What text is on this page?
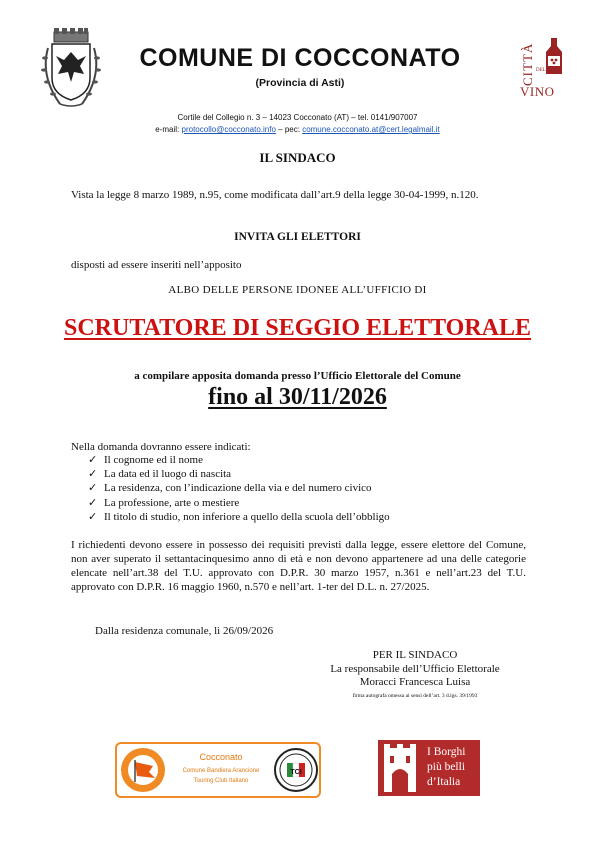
COMUNE DI COCCONATO
(Provincia di Asti)	CITTÀ DEL
VINO
Cortile del Collegio n. 3 – 14023 Cocconato (AT) – tel. 0141/907007
e-mail: protocollo@cocconato.info – pec: comune.cocconato.at@cert.legalmail.it
IL SINDACO
Vista la legge 8 marzo 1989, n.95, come modificata dall’art.9 della legge 30-04-1999, n.120.
INVITA GLI ELETTORI
disposti ad essere inseriti nell’apposito
ALBO DELLE PERSONE IDONEE ALL’UFFICIO DI
SCRUTATORE DI SEGGIO ELETTORALE
a compilare apposita domanda presso l’Ufficio Elettorale del Comune
fino al 30/11/2026
Nella domanda dovranno essere indicati:
✓ Il cognome ed il nome
✓ La data ed il luogo di nascita
✓ La residenza, con l’indicazione della via e del numero civico
✓ La professione, arte o mestiere
✓ Il titolo di studio, non inferiore a quello della scuola dell’obbligo
I richiedenti devono essere in possesso dei requisiti previsti dalla legge, essere elettore del Comune, non aver superato il settantacinquesimo anno di età e non devono appartenere ad una delle categorie elencate nell’art.38 del T.U. approvato con D.P.R. 30 marzo 1957, n.361 e nell’art.23 del T.U. approvato con D.P.R. 16 maggio 1960, n.570 e nell’art. 1-ter del D.L. n. 27/2025.
Dalla residenza comunale, lì 26/09/2026
PER IL SINDACO
La responsabile dell’Ufficio Elettorale
Moracci Francesca Luisa
firma autografa omessa ai sensi dell’art. 3 d.lgs. 39/1993
Cocconato
Comune Bandiera Arancione
Touring Club Italiano
TCI
I Borghi
più belli
d’Italia
